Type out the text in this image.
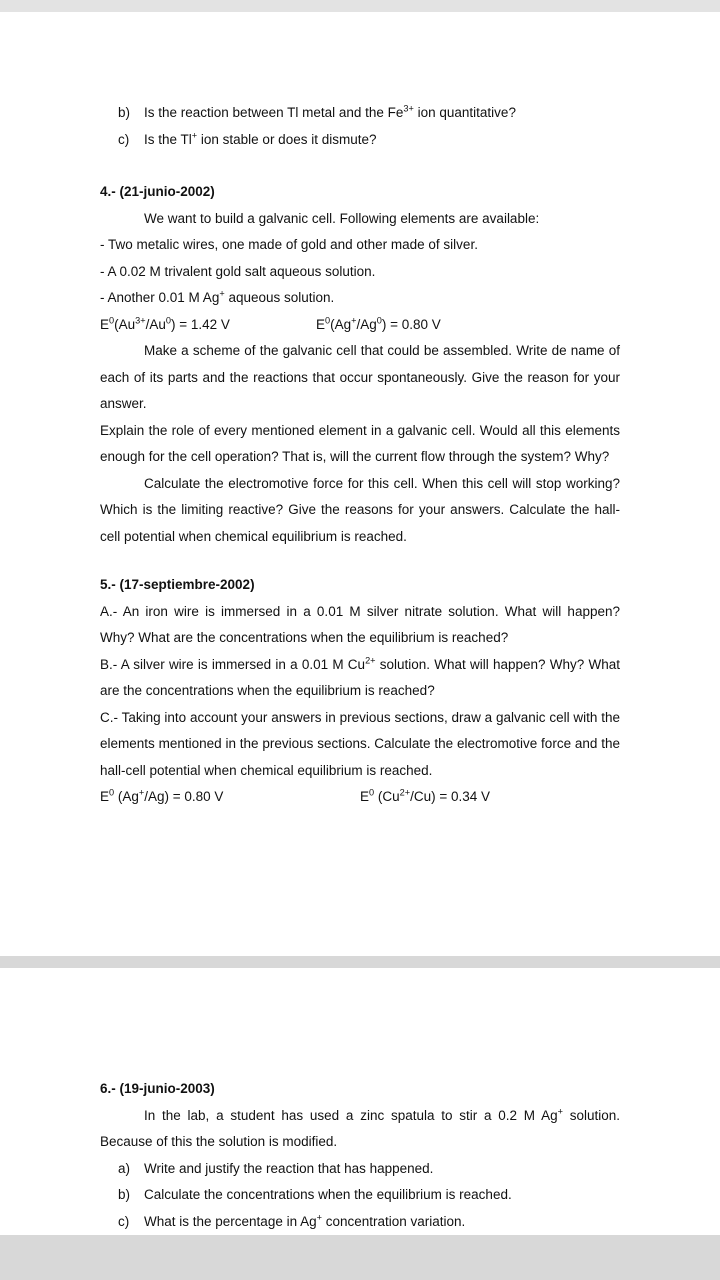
b)	Is the reaction between Tl metal and the $Fe^{3+}$ ion quantitative?
c)	Is the Tl+ ion stable or does it dismute?

4.- (21-junio-2002)

We want to build a galvanic cell. Following elements are available:

- Two metalic wires, one made of gold and other made of silver.

- A 0.02 M trivalent gold salt aqueous solution.

- Another 0.01 M Ag+ aqueous solution.

$E^0(Au^{3+}/Au^0) = 1.42$ V	$E^0(Ag^+/Ag^0) = 0.80$ V

Make a scheme of the galvanic cell that could be assembled. Write de name of each of its parts and the reactions that occur spontaneously. Give the reason for your answer.

Explain the role of every mentioned element in a galvanic cell. Would all this elements enough for the cell operation? That is, will the current flow through the system? Why?

Calculate the electromotive force for this cell. When this cell will stop working? Which is the limiting reactive? Give the reasons for your answers. Calculate the hall-cell potential when chemical equilibrium is reached.

5.- (17-septiembre-2002)

A.- An iron wire is immersed in a 0.01 M silver nitrate solution. What will happen? Why? What are the concentrations when the equilibrium is reached?

B.- A silver wire is immersed in a 0.01 M $Cu^{2+}$ solution. What will happen? Why? What are the concentrations when the equilibrium is reached?

C.- Taking into account your answers in previous sections, draw a galvanic cell with the elements mentioned in the previous sections. Calculate the electromotive force and the hall-cell potential when chemical equilibrium is reached.

$E^0$ (Ag+/Ag) = 0.80 V	$E^0$ $(Cu^{2+}/Cu) = 0.34$ V

6.- (19-junio-2003)

In the lab, a student has used a zinc spatula to stir a 0.2 M Ag+ solution. Because of this the solution is modified.

a)	Write and justify the reaction that has happened.
b)	Calculate the concentrations when the equilibrium is reached.
c)	What is the percentage in Ag+ concentration variation.
